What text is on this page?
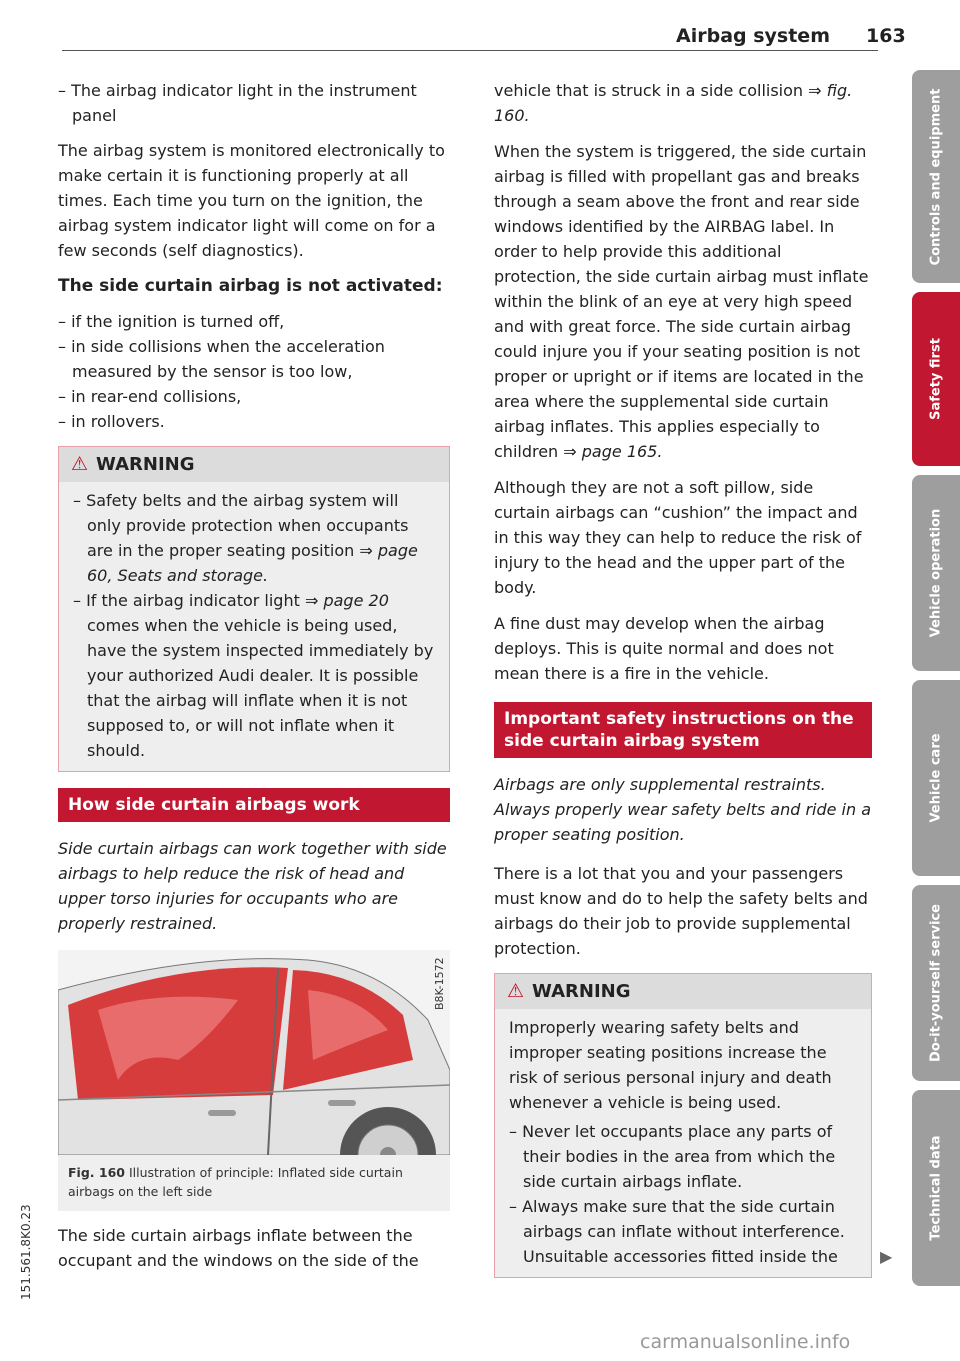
Airbag system 163

– The airbag indicator light in the instrument panel

The airbag system is monitored electronically to make certain it is functioning properly at all times. Each time you turn on the ignition, the airbag system indicator light will come on for a few seconds (self diagnostics).

The side curtain airbag is not activated:

– if the ignition is turned off,

– in side collisions when the acceleration measured by the sensor is too low,

– in rear-end collisions,

– in rollovers.

⚠ WARNING

– Safety belts and the airbag system will only provide protection when occupants are in the proper seating position ⇒ page 60, Seats and storage.

– If the airbag indicator light ⇒ page 20 comes when the vehicle is being used, have the system inspected immediately by your authorized Audi dealer. It is possible that the airbag will inflate when it is not supposed to, or will not inflate when it should.

How side curtain airbags work

Side curtain airbags can work together with side airbags to help reduce the risk of head and upper torso injuries for occupants who are properly restrained.

B8K-1572
Fig. 160 Illustration of principle: Inflated side curtain airbags on the left side

The side curtain airbags inflate between the occupant and the windows on the side of the

vehicle that is struck in a side collision ⇒ fig. 160.

When the system is triggered, the side curtain airbag is filled with propellant gas and breaks through a seam above the front and rear side windows identified by the AIRBAG label. In order to help provide this additional protection, the side curtain airbag must inflate within the blink of an eye at very high speed and with great force. The side curtain airbag could injure you if your seating position is not proper or upright or if items are located in the area where the supplemental side curtain airbag inflates. This applies especially to children ⇒ page 165.

Although they are not a soft pillow, side curtain airbags can “cushion” the impact and in this way they can help to reduce the risk of injury to the head and the upper part of the body.

A fine dust may develop when the airbag deploys. This is quite normal and does not mean there is a fire in the vehicle.

Important safety instructions on the side curtain airbag system

Airbags are only supplemental restraints. Always properly wear safety belts and ride in a proper seating position.

There is a lot that you and your passengers must know and do to help the safety belts and airbags do their job to provide supplemental protection.

⚠ WARNING

Improperly wearing safety belts and improper seating positions increase the risk of serious personal injury and death whenever a vehicle is being used.

– Never let occupants place any parts of their bodies in the area from which the side curtain airbags inflate.

– Always make sure that the side curtain airbags can inflate without interference. Unsuitable accessories fitted inside the	▶
Controls and equipment
Safety first
Vehicle operation
Vehicle care
Do-it-yourself service
Technical data
151.561.8K0.23
carmanualsonline.info
